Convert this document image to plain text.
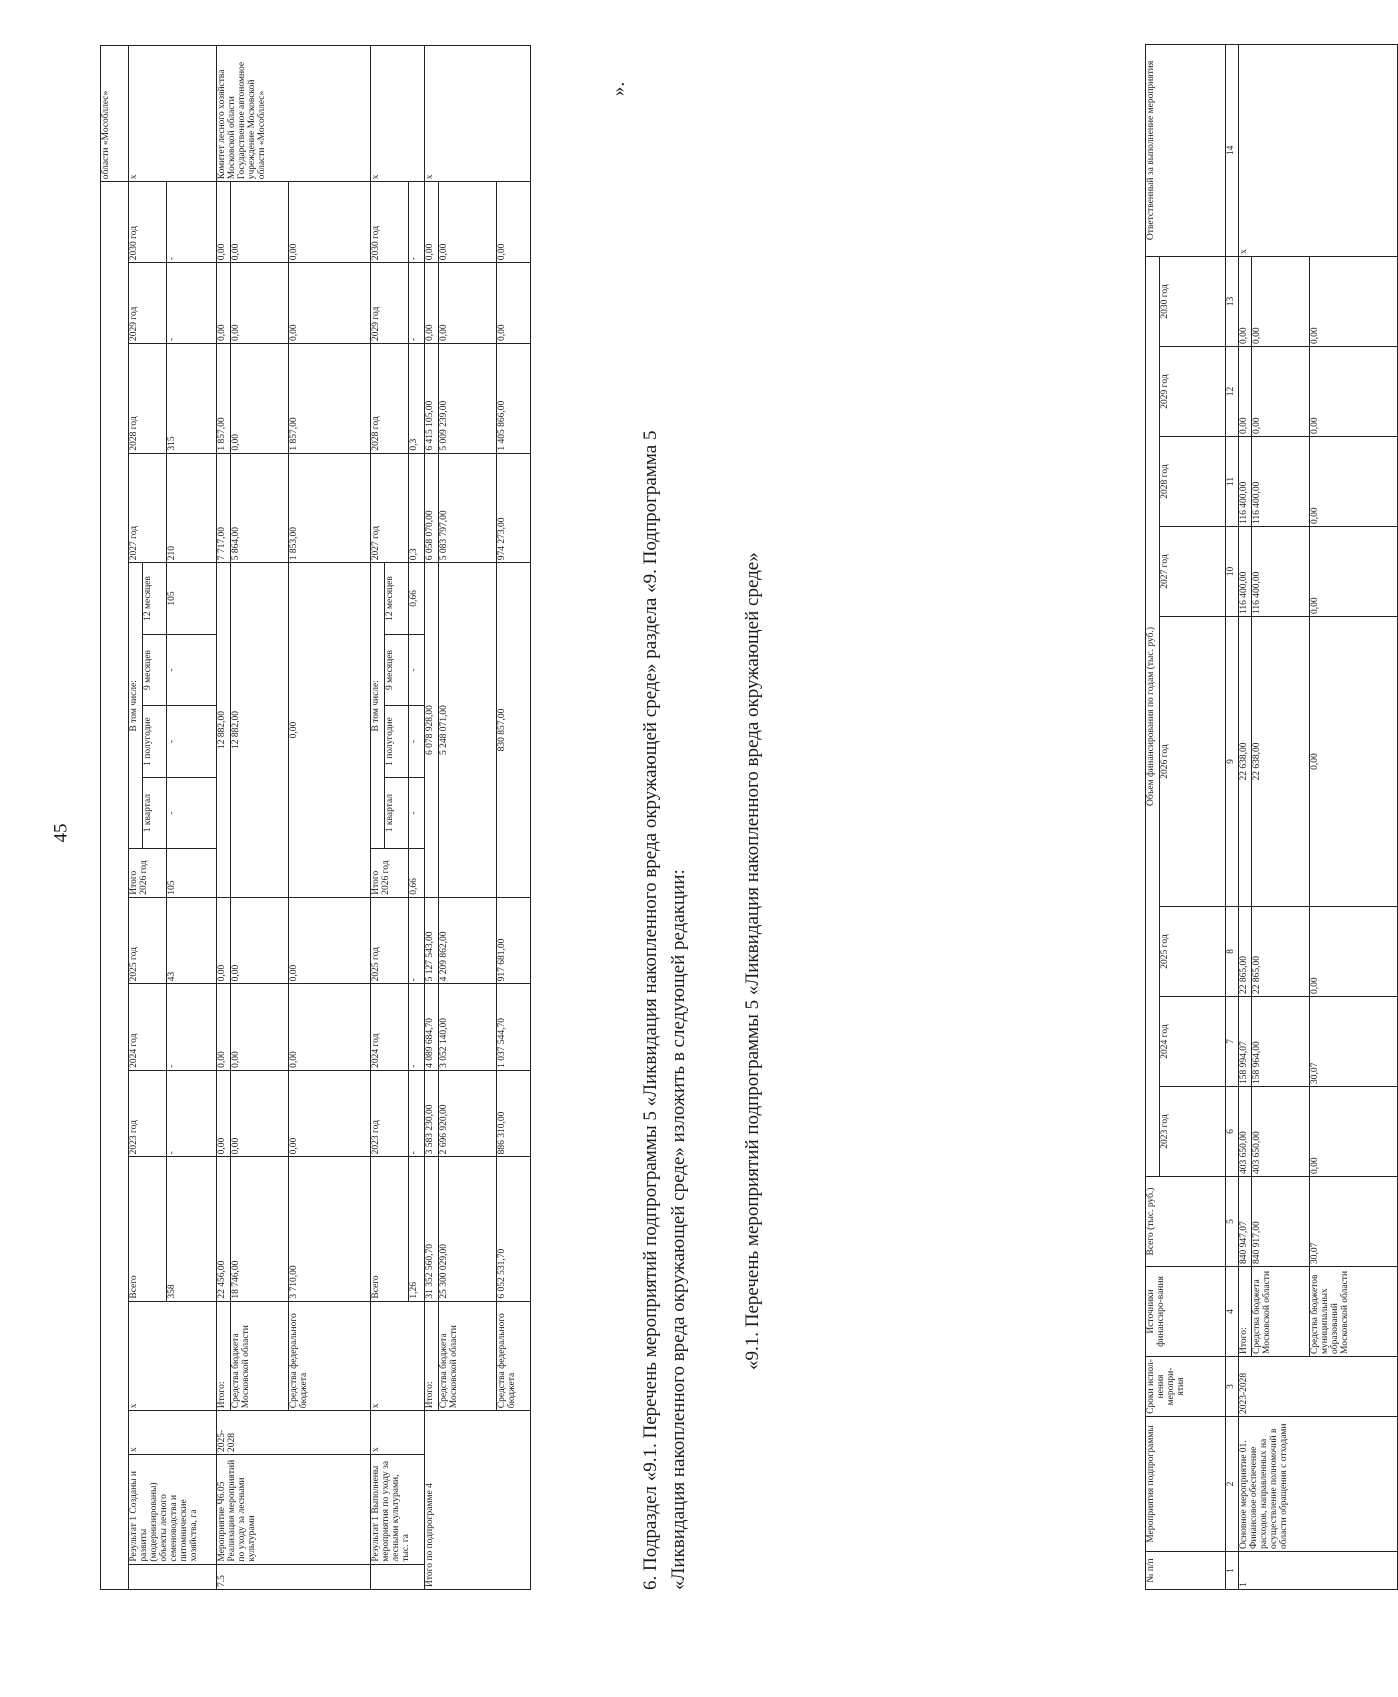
45
																	области «Мособллес»
	Результат 1 Созданы и развиты (модернизированы) объекты лесного семеноводства и питомнические хозяйства, га	х	х	Всего	2023 год	2024 год	2025 год	Итого 2026 год	В том числе:				2027 год	2028 год	2029 год	2030 год	х
									1 квартал	1 полугодие	9 месяцев	12 месяцев					
				358	-	-	43	105	-	-	-	105	210	315	-	-	
7.5	Мероприятие Ч6.05 Реализация мероприятий по уходу за лесными культурами	2025-2028	Итого:	22 456,00	0,00	0,00	0,00	12 882,00					7 717,00	1 857,00	0,00	0,00	Комитет лесного хозяйства Московской области Государственное автономное учреждение Московской области «Мособллес»
			Средства бюджета Московской области	18 746,00	0,00	0,00	0,00	12 882,00					5 864,00	0,00	0,00	0,00	
			Средства федерального бюджета	3 710,00	0,00	0,00	0,00	0,00					1 853,00	1 857,00	0,00	0,00	
	Результат 1 Выполнены мероприятия по уходу за лесными культурами, тыс. га	х	х	Всего	2023 год	2024 год	2025 год	Итого 2026 год	В том числе:				2027 год	2028 год	2029 год	2030 год	х
									1 квартал	1 полугодие	9 месяцев	12 месяцев					
				1,26	-	-	-	0,66	-	-	-	0,66	0,3	0,3	-	-	
Итого по подпрограмме 4			Итого:	31 352 560,70	3 583 230,00	4 089 684,70	5 127 543,00	6 078 928,00					6 058 070,00	6 415 105,00	0,00	0,00	х
			Средства бюджета Московской области	25 300 029,00	2 696 920,00	3 052 140,00	4 209 862,00	5 248 071,00					5 083 797,00	5 009 239,00	0,00	0,00	
			Средства федерального бюджета	6 052 531,70	886 310,00	1 037 544,70	917 681,00	830 857,00					974 273,00	1 405 866,00	0,00	0,00	
».
6. Подраздел «9.1. Перечень мероприятий подпрограммы 5 «Ликвидация накопленного вреда окружающей среде» раздела «9. Подпрограмма 5 «Ликвидация накопленного вреда окружающей среде» изложить в следующей редакции:	«9.1. Перечень мероприятий подпрограммы 5 «Ликвидация накопленного вреда окружающей среде»
№ п/п	Мероприятия подпрограммы	Сроки испол-нения меропри-ятия	Источники финансиро-вания	Всего (тыс. руб.)	Объем финансирования по годам (тыс. руб.)								Ответственный за выполнение мероприятия
					2023 год	2024 год	2025 год	2026 год	2027 год	2028 год	2029 год	2030 год	
1	2	3	4	5	6	7	8	9	10	11	12	13	14
1	Основное мероприятие 01. Финансовое обеспечение расходов, направленных на осуществление полномочий в области обращения с отходами	2023-2028	Итого:	840 947,07	403 650,00	158 994,07	22 865,00	22 638,00	116 400,00	116 400,00	0,00	0,00	х
			Средства бюджета Московской области	840 917,00	403 650,00	158 964,00	22 865,00	22 638,00	116 400,00	116 400,00	0,00	0,00	
			Средства бюджетов муниципальных образований Московской области	30,07	0,00	30,07	0,00	0,00	0,00	0,00	0,00	0,00	
